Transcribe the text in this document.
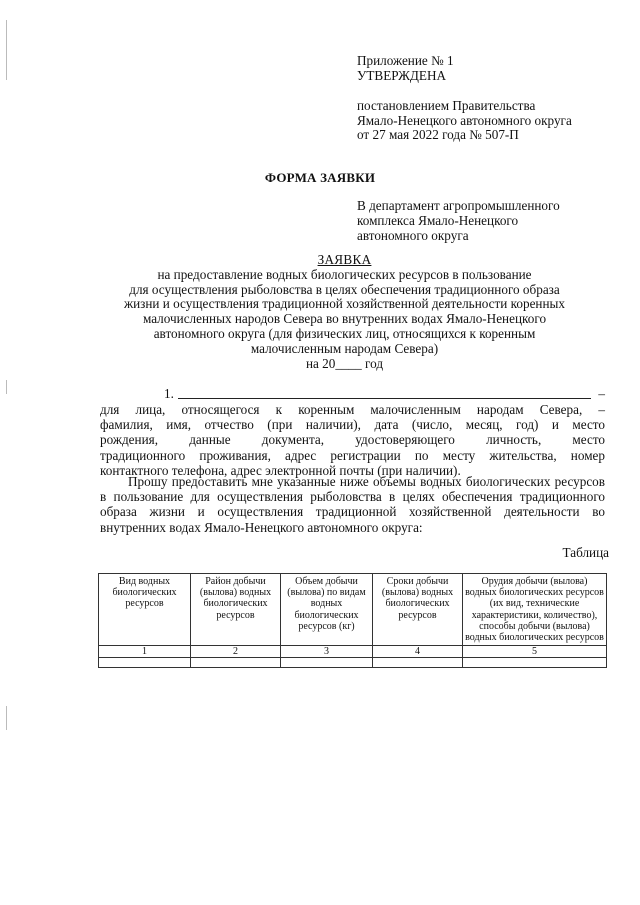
Приложение № 1
УТВЕРЖДЕНА
постановлением Правительства
Ямало-Ненецкого автономного округа
от 27 мая 2022 года № 507-П
ФОРМА ЗАЯВКИ
В департамент агропромышленного
комплекса Ямало-Ненецкого
автономного округа
ЗАЯВКА
на предоставление водных биологических ресурсов в пользование
для осуществления рыболовства в целях обеспечения традиционного образа
жизни и осуществления традиционной хозяйственной деятельности коренных
малочисленных народов Севера во внутренних водах Ямало-Ненецкого
автономного округа (для физических лиц, относящихся к коренным
малочисленным народам Севера)
на 20____ год
1.	–
для лица, относящегося к коренным малочисленным народам Севера, –
фамилия, имя, отчество (при наличии), дата (число, месяц, год) и место
рождения, данные документа, удостоверяющего личность, место
традиционного проживания, адрес регистрации по месту жительства, номер
контактного телефона, адрес электронной почты (при наличии).
Прошу предоставить мне указанные ниже объемы водных биологических ресурсов в пользование для осуществления рыболовства в целях обеспечения традиционного образа жизни и осуществления традиционной хозяйственной деятельности во внутренних водах Ямало-Ненецкого автономного округа:
Таблица
Вид водных биологических ресурсов	Район добычи (вылова) водных биологических ресурсов	Объем добычи (вылова) по видам водных биологических ресурсов (кг)	Сроки добычи (вылова) водных биологических ресурсов	Орудия добычи (вылова) водных биологических ресурсов (их вид, технические характеристики, количество), способы добычи (вылова) водных биологических ресурсов
1	2	3	4	5
